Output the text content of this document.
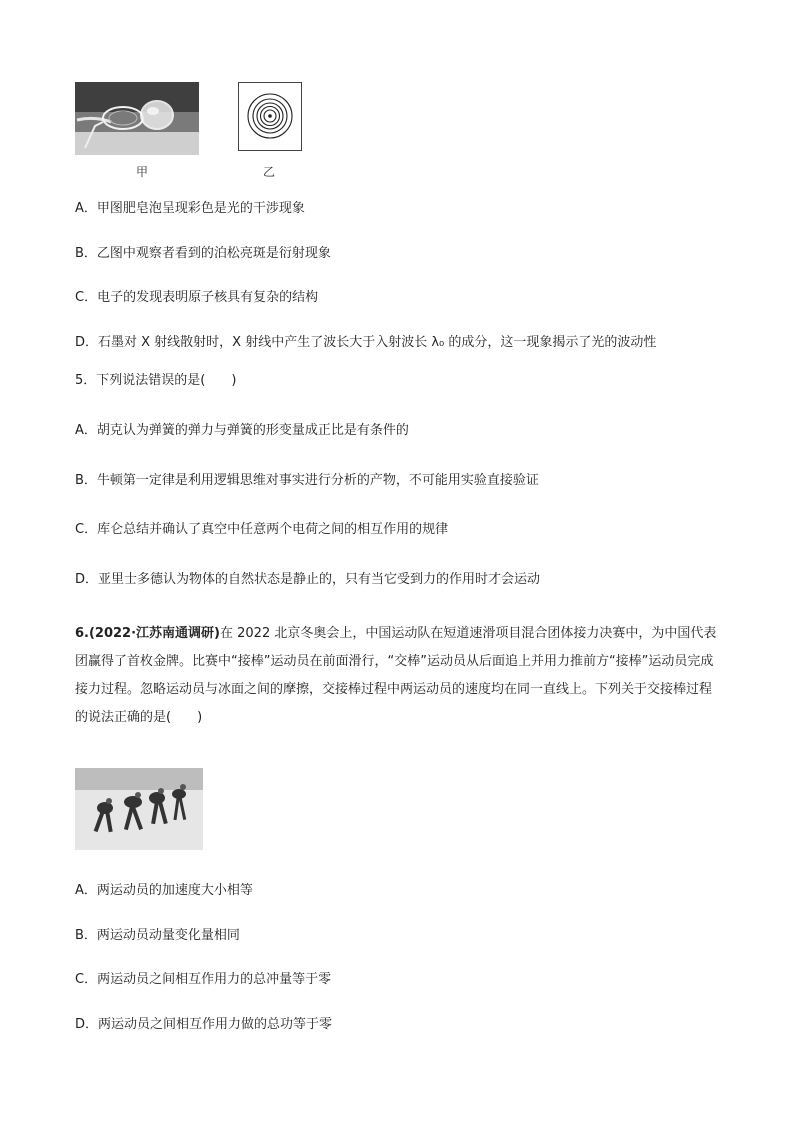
甲	乙
A．甲图肥皂泡呈现彩色是光的干涉现象
B．乙图中观察者看到的泊松亮斑是衍射现象
C．电子的发现表明原子核具有复杂的结构
D．石墨对 X 射线散射时，X 射线中产生了波长大于入射波长 λ₀ 的成分，这一现象揭示了光的波动性
5．下列说法错误的是(　　)
A．胡克认为弹簧的弹力与弹簧的形变量成正比是有条件的
B．牛顿第一定律是利用逻辑思维对事实进行分析的产物，不可能用实验直接验证
C．库仑总结并确认了真空中任意两个电荷之间的相互作用的规律
D．亚里士多德认为物体的自然状态是静止的，只有当它受到力的作用时才会运动
6.(2022·江苏南通调研)在 2022 北京冬奥会上，中国运动队在短道速滑项目混合团体接力决赛中，为中国代表团赢得了首枚金牌。比赛中“接棒”运动员在前面滑行，“交棒”运动员从后面追上并用力推前方“接棒”运动员完成接力过程。忽略运动员与冰面之间的摩擦，交接棒过程中两运动员的速度均在同一直线上。下列关于交接棒过程的说法正确的是(　　)
A．两运动员的加速度大小相等
B．两运动员动量变化量相同
C．两运动员之间相互作用力的总冲量等于零
D．两运动员之间相互作用力做的总功等于零
